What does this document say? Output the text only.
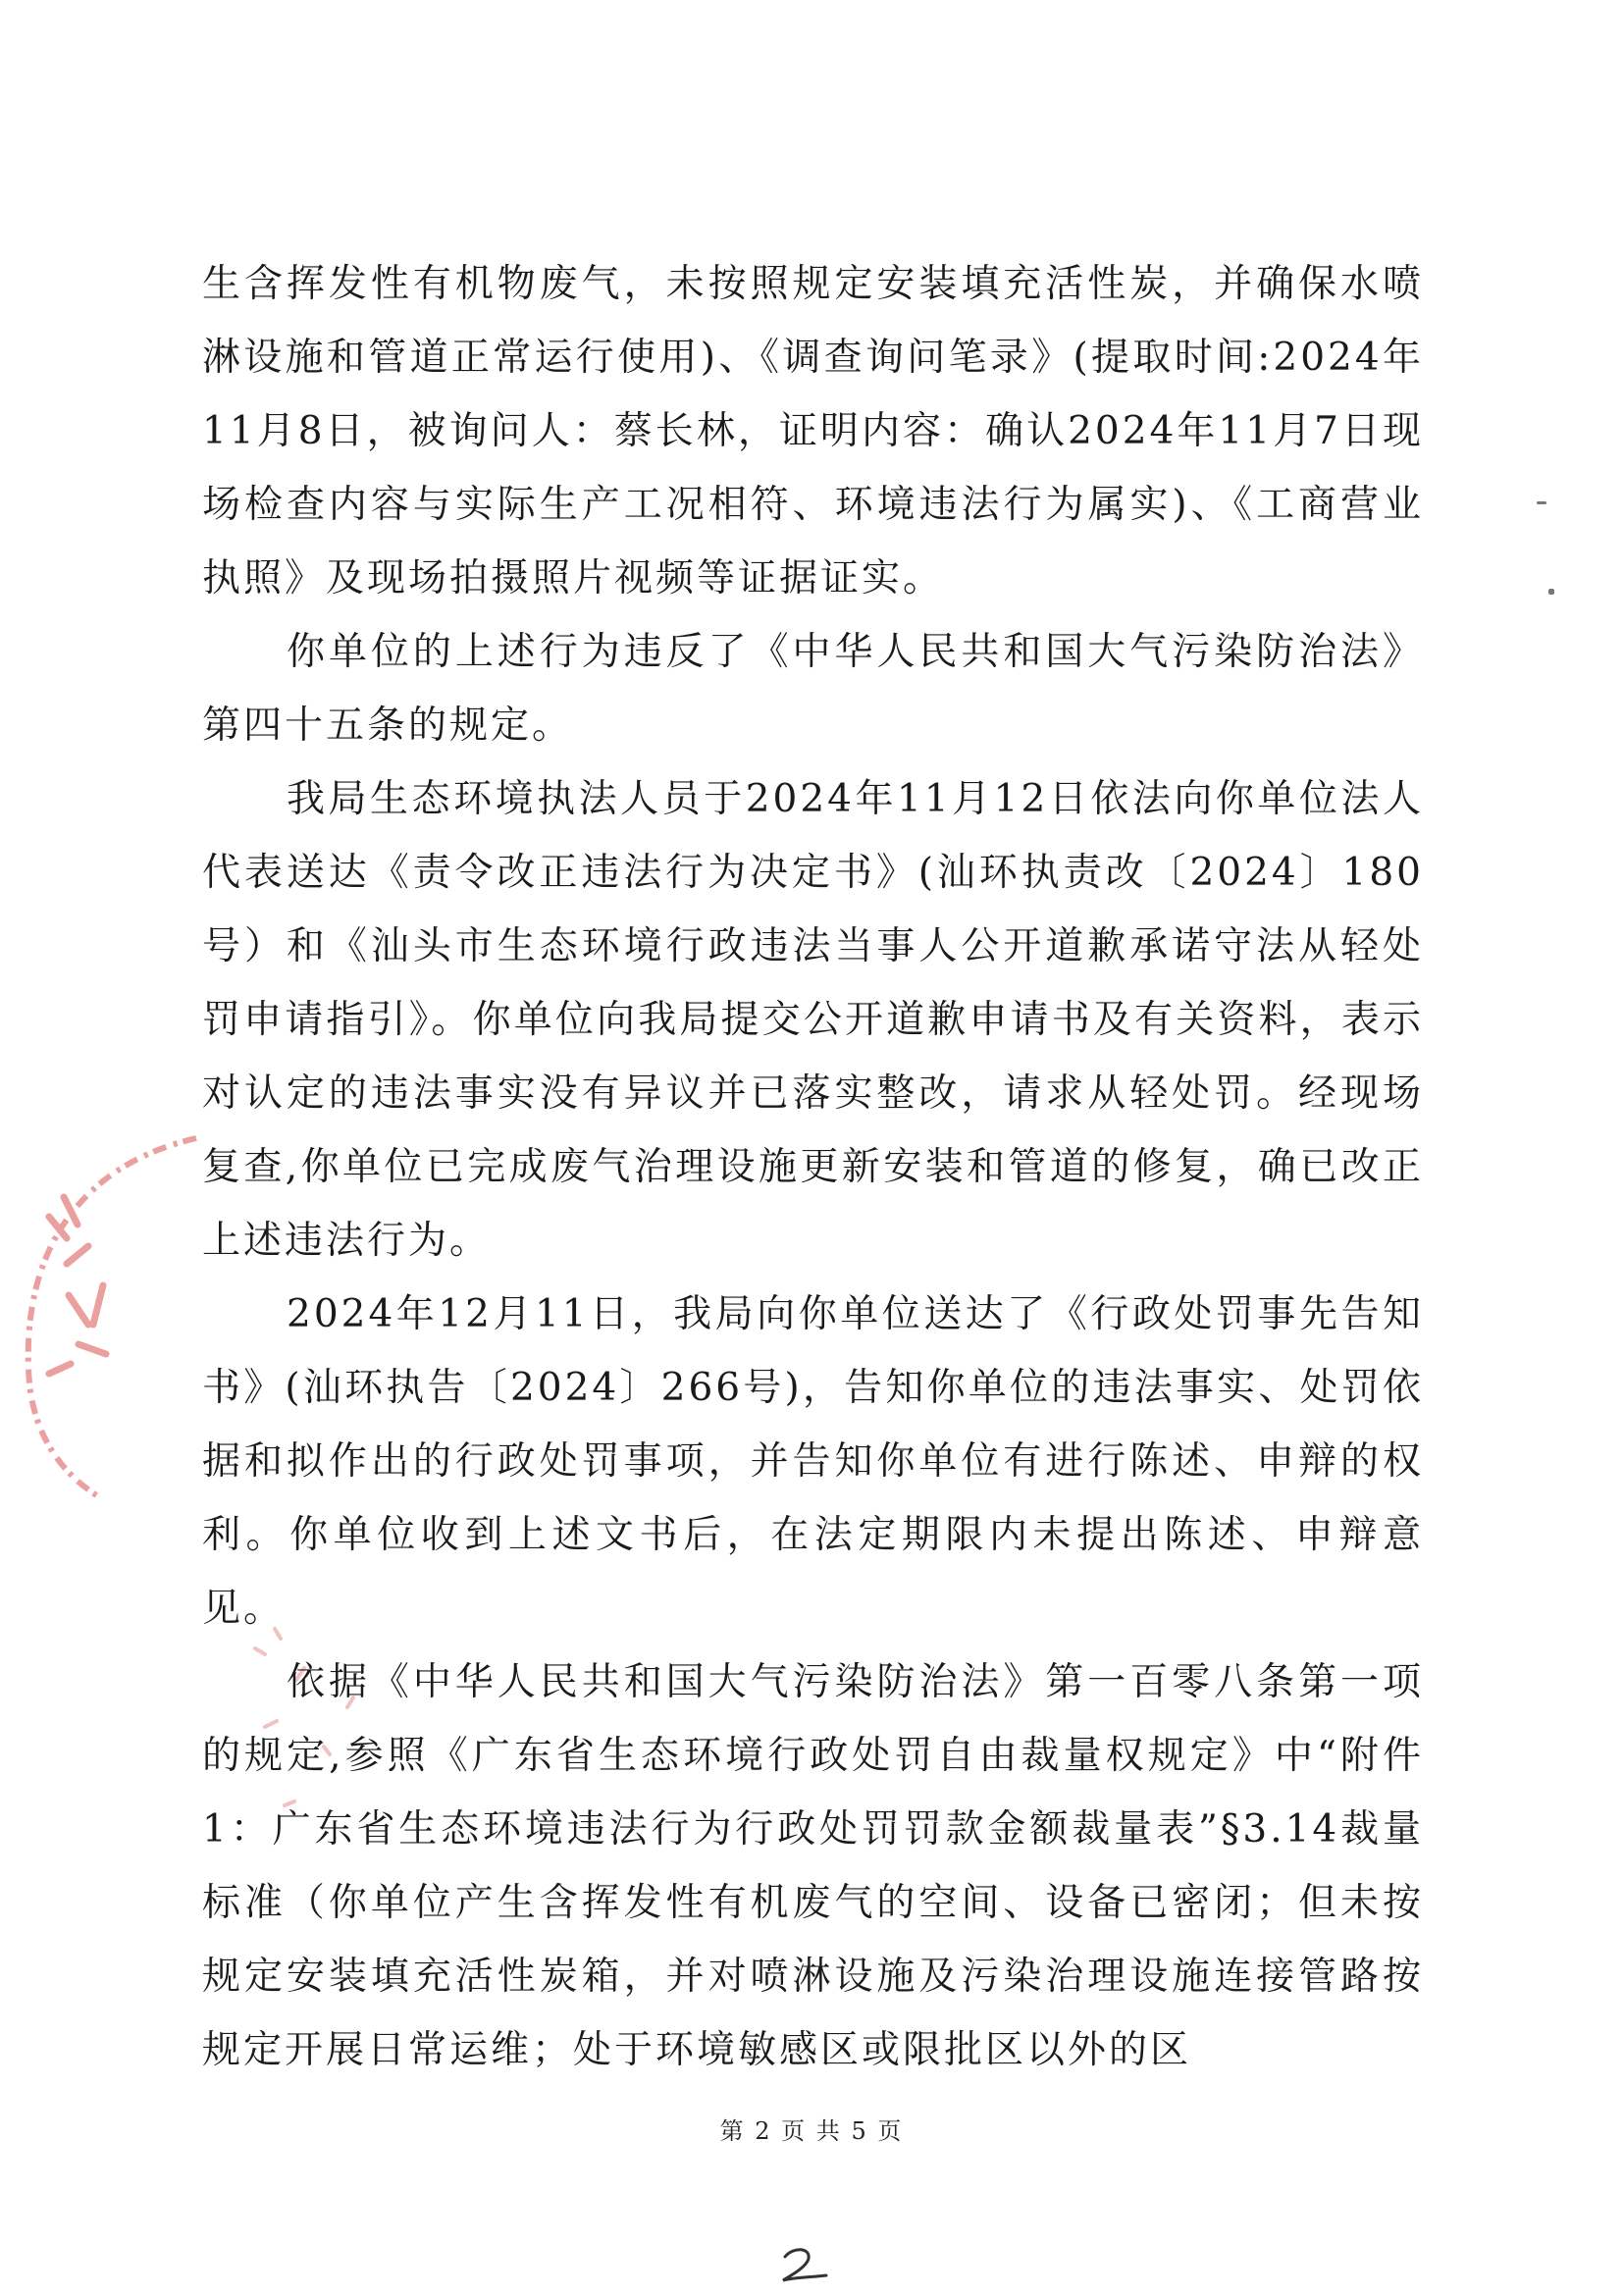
生含挥发性有机物废气，未按照规定安装填充活性炭，并确保水喷淋设施和管道正常运行使用)、《调查询问笔录》(提取时间:2024年11月8日，被询问人：蔡长林，证明内容：确认2024年11月7日现场检查内容与实际生产工况相符、环境违法行为属实)、《工商营业执照》及现场拍摄照片视频等证据证实。

你单位的上述行为违反了《中华人民共和国大气污染防治法》第四十五条的规定。

我局生态环境执法人员于2024年11月12日依法向你单位法人代表送达《责令改正违法行为决定书》(汕环执责改〔2024〕180号）和《汕头市生态环境行政违法当事人公开道歉承诺守法从轻处罚申请指引》。你单位向我局提交公开道歉申请书及有关资料，表示对认定的违法事实没有异议并已落实整改，请求从轻处罚。经现场复查,你单位已完成废气治理设施更新安装和管道的修复，确已改正上述违法行为。

2024年12月11日，我局向你单位送达了《行政处罚事先告知书》(汕环执告〔2024〕266号)，告知你单位的违法事实、处罚依据和拟作出的行政处罚事项，并告知你单位有进行陈述、申辩的权利。你单位收到上述文书后，在法定期限内未提出陈述、申辩意见。

依据《中华人民共和国大气污染防治法》第一百零八条第一项的规定,参照《广东省生态环境行政处罚自由裁量权规定》中“附件1：广东省生态环境违法行为行政处罚罚款金额裁量表”§3.14裁量标准（你单位产生含挥发性有机废气的空间、设备已密闭；但未按规定安装填充活性炭箱，并对喷淋设施及污染治理设施连接管路按规定开展日常运维；处于环境敏感区或限批区以外的区

第 2 页 共 5 页
